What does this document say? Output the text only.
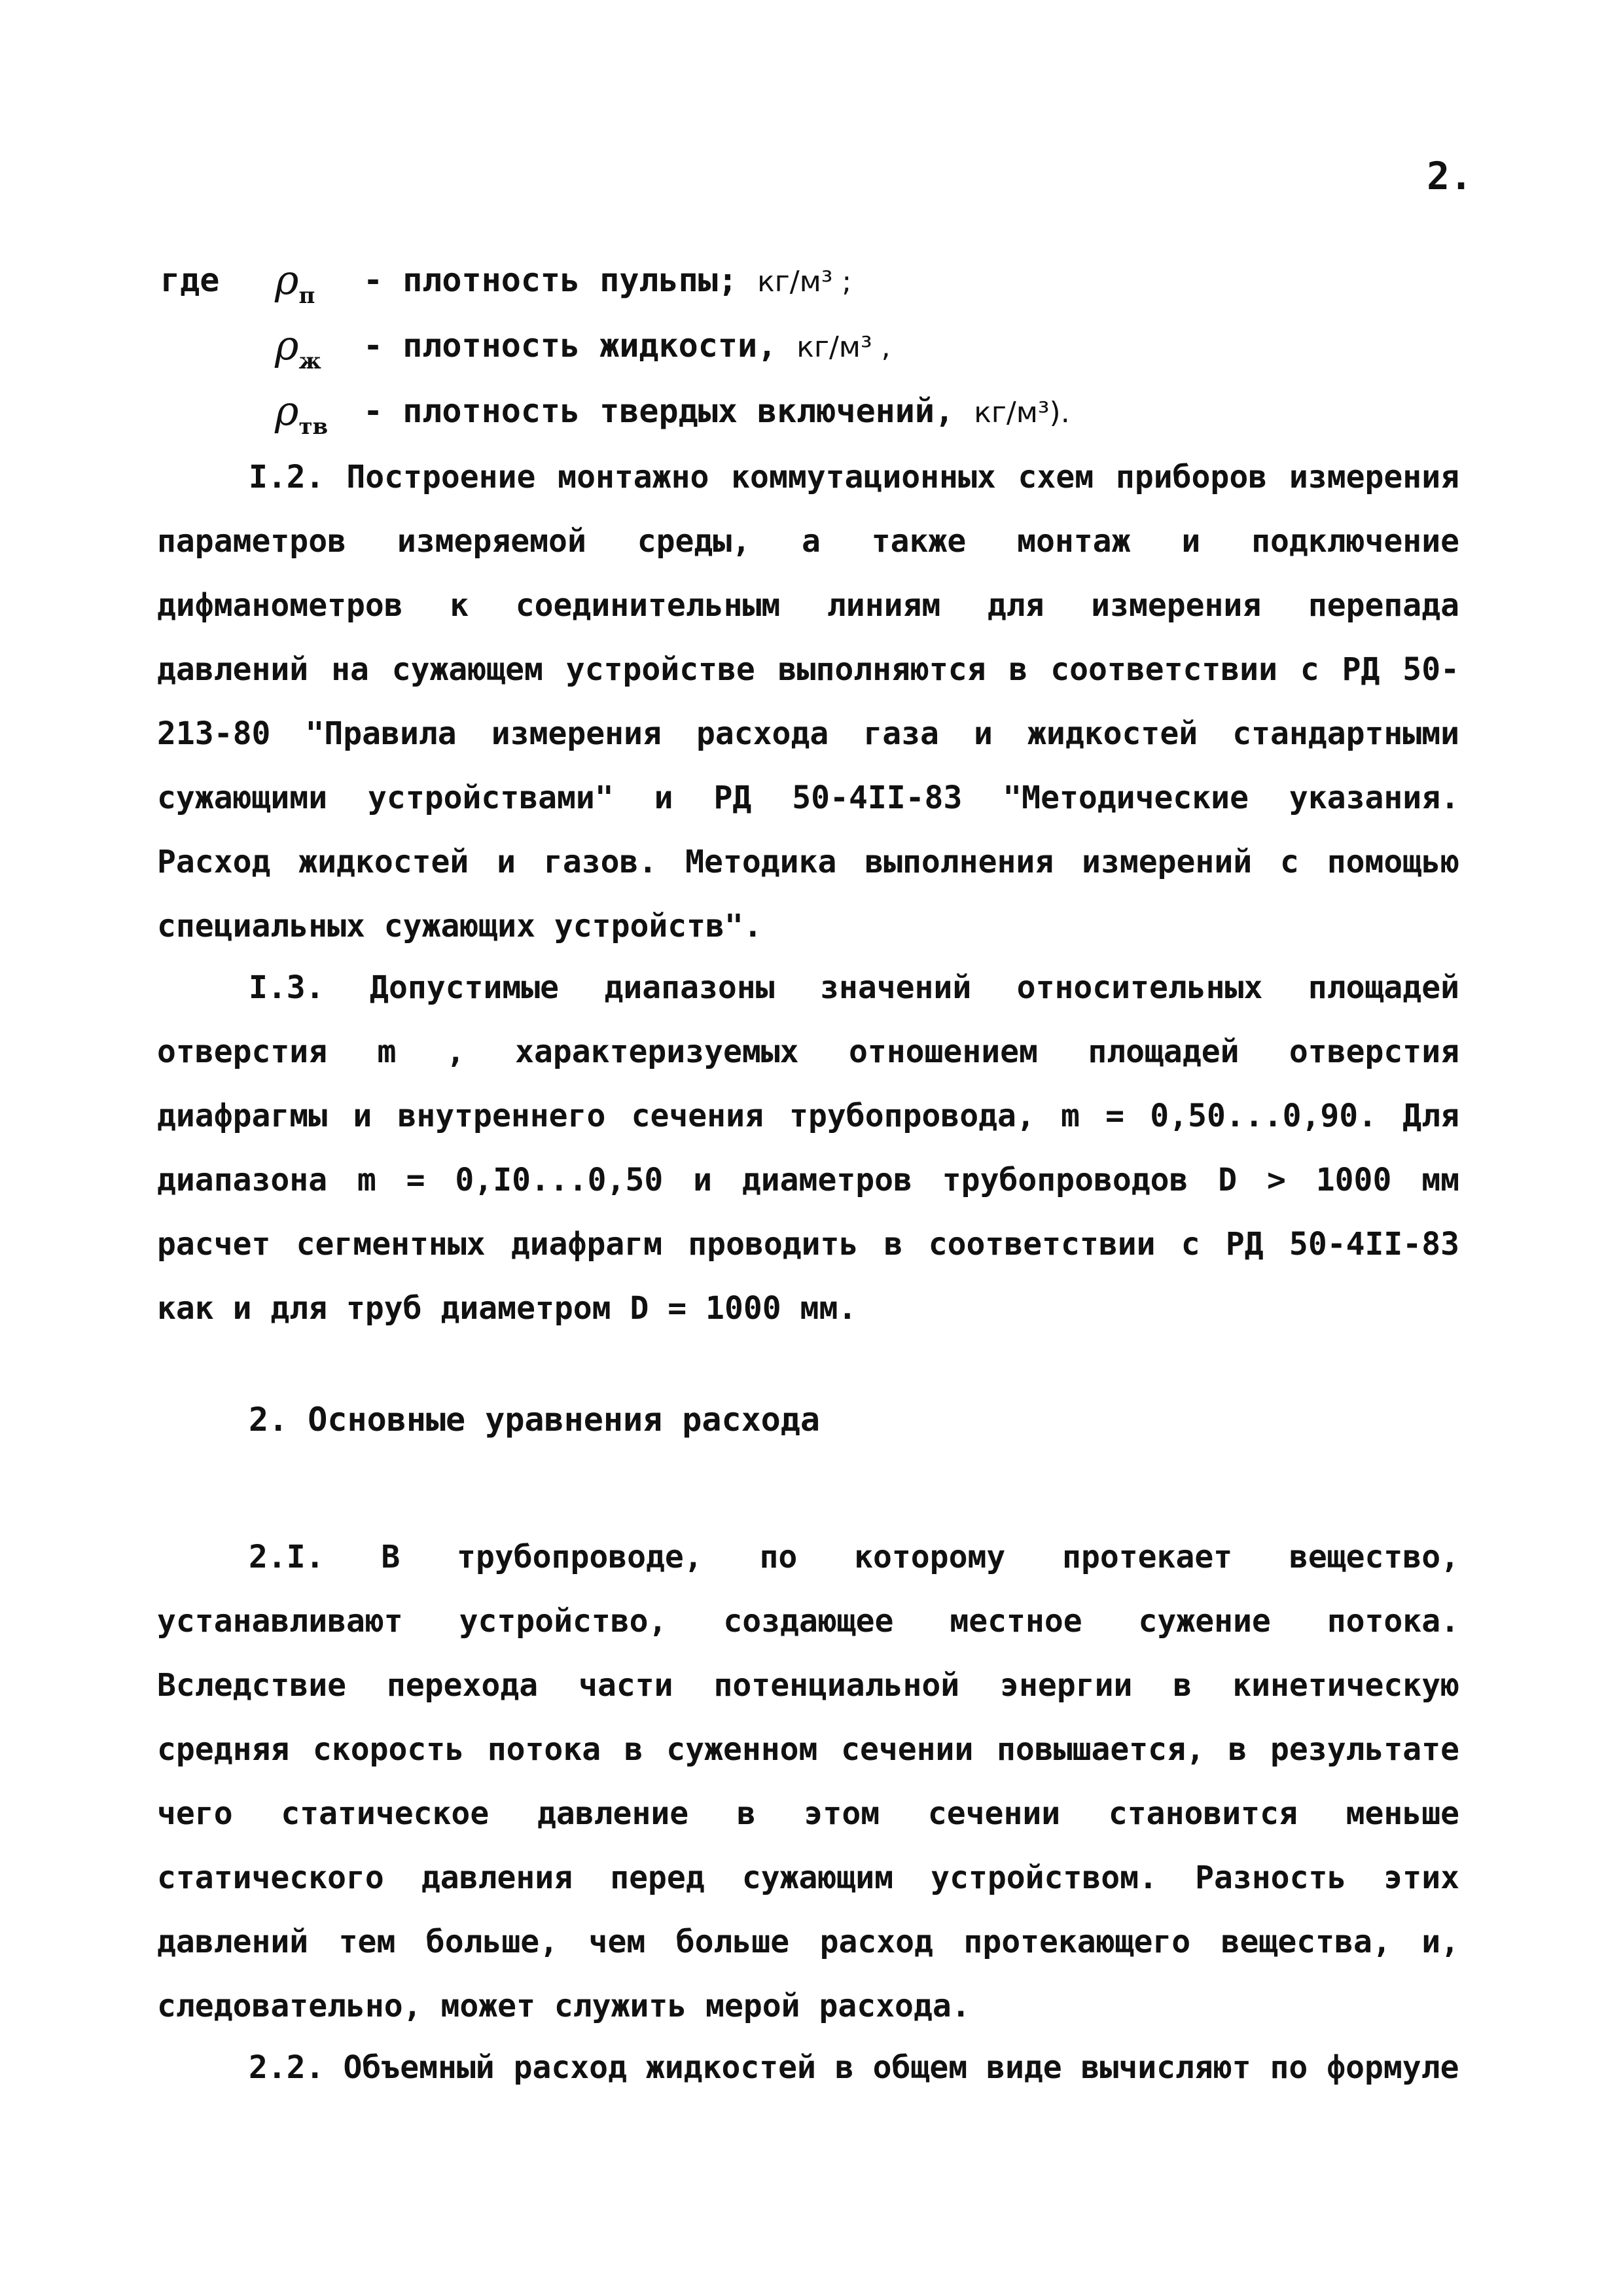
2.
где $\rho_п$ - плотность пульпы; кг/м³ ;
$\rho_ж$ - плотность жидкости, кг/м³ ,
$\rho_{тв}$ - плотность твердых включений, кг/м³).

I.2. Построение монтажно коммутационных схем приборов измерения параметров измеряемой среды, а также монтаж и подключение дифманометров к соединительным линиям для измерения перепада давлений на сужающем устройстве выполняются в соответствии с РД 50-213-80 "Правила измерения расхода газа и жидкостей стандартными сужающими устройствами" и РД 50-4II-83 "Методические указания. Расход жидкостей и газов. Методика выполнения измерений с помощью специальных сужающих устройств".

I.3. Допустимые диапазоны значений относительных площадей отверстия m , характеризуемых отношением площадей отверстия диафрагмы и внутреннего сечения трубопровода, m = 0,50...0,90. Для диапазона m = 0,I0...0,50 и диаметров трубопроводов D > 1000 мм расчет сегментных диафрагм проводить в соответствии с РД 50-4II-83 как и для труб диаметром D = 1000 мм.

2. Основные уравнения расхода

2.I. В трубопроводе, по которому протекает вещество, устанавливают устройство, создающее местное сужение потока. Вследствие перехода части потенциальной энергии в кинетическую средняя скорость потока в суженном сечении повышается, в результате чего статическое давление в этом сечении становится меньше статического давления перед сужающим устройством. Разность этих давлений тем больше, чем больше расход протекающего вещества, и, следовательно, может служить мерой расхода.

2.2. Объемный расход жидкостей в общем виде вычисляют по формуле
